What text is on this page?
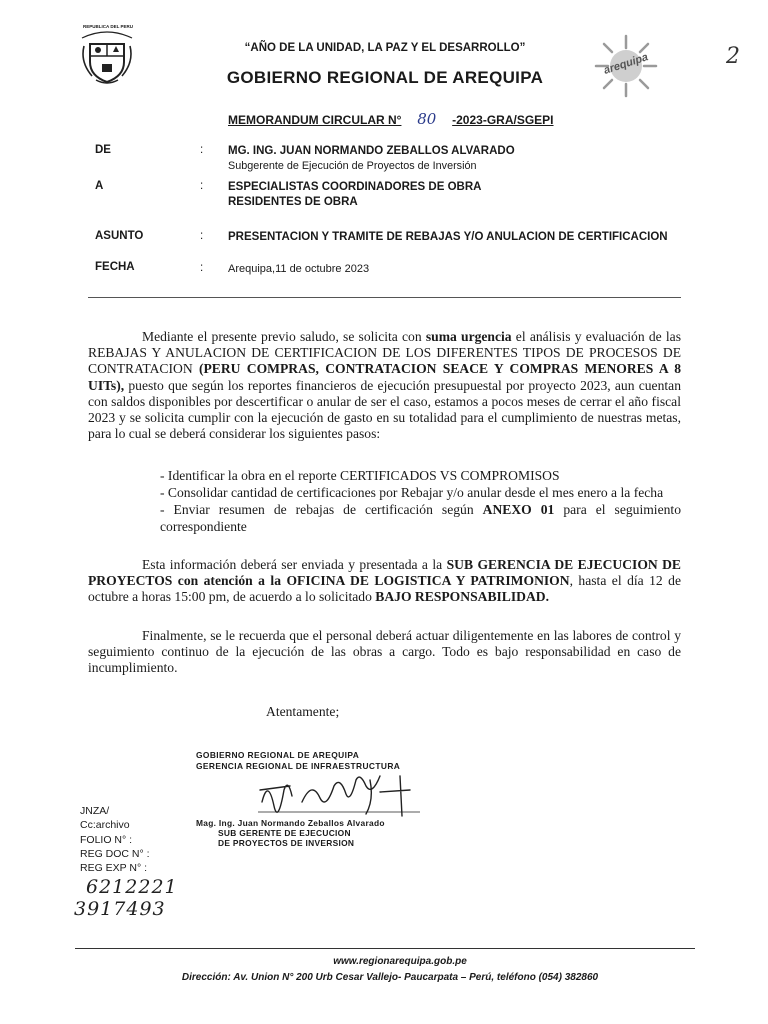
REPUBLICA DEL PERU
arequipa
“AÑO DE LA UNIDAD, LA PAZ Y EL DESARROLLO”
GOBIERNO REGIONAL DE AREQUIPA
2
MEMORANDUM CIRCULAR N° 80 -2023-GRA/SGEPI
DE	: MG. ING. JUAN NORMANDO ZEBALLOS ALVARADO
Subgerente de Ejecución de Proyectos de Inversión
A	: ESPECIALISTAS COORDINADORES DE OBRA
RESIDENTES DE OBRA
ASUNTO	: PRESENTACION Y TRAMITE DE REBAJAS Y/O ANULACION DE CERTIFICACION
FECHA	: Arequipa,11 de octubre 2023
Mediante el presente previo saludo, se solicita con suma urgencia el análisis y evaluación de las REBAJAS Y ANULACION DE CERTIFICACION DE LOS DIFERENTES TIPOS DE PROCESOS DE CONTRATACION (PERU COMPRAS, CONTRATACION SEACE Y COMPRAS MENORES A 8 UITs), puesto que según los reportes financieros de ejecución presupuestal por proyecto 2023, aun cuentan con saldos disponibles por descertificar o anular de ser el caso, estamos a pocos meses de cerrar el año fiscal 2023 y se solicita cumplir con la ejecución de gasto en su totalidad para el cumplimiento de nuestras metas, para lo cual se deberá considerar los siguientes pasos:
- Identificar la obra en el reporte CERTIFICADOS VS COMPROMISOS
- Consolidar cantidad de certificaciones por Rebajar y/o anular desde el mes enero a la fecha
- Enviar resumen de rebajas de certificación según ANEXO 01 para el seguimiento correspondiente
Esta información deberá ser enviada y presentada a la SUB GERENCIA DE EJECUCION DE PROYECTOS con atención a la OFICINA DE LOGISTICA Y PATRIMONION, hasta el día 12 de octubre a horas 15:00 pm, de acuerdo a lo solicitado BAJO RESPONSABILIDAD.
Finalmente, se le recuerda que el personal deberá actuar diligentemente en las labores de control y seguimiento continuo de la ejecución de las obras a cargo. Todo es bajo responsabilidad en caso de incumplimiento.
Atentamente;
GOBIERNO REGIONAL DE AREQUIPA
GERENCIA REGIONAL DE INFRAESTRUCTURA
Mag. Ing. Juan Normando Zeballos Alvarado
SUB GERENTE DE EJECUCION
DE PROYECTOS DE INVERSION
JNZA/
Cc:archivo
FOLIO N° :
REG DOC N° :
REG EXP N° :
6212221
3917493
www.regionarequipa.gob.pe
Dirección: Av. Union N° 200 Urb Cesar Vallejo- Paucarpata – Perú, teléfono (054) 382860
